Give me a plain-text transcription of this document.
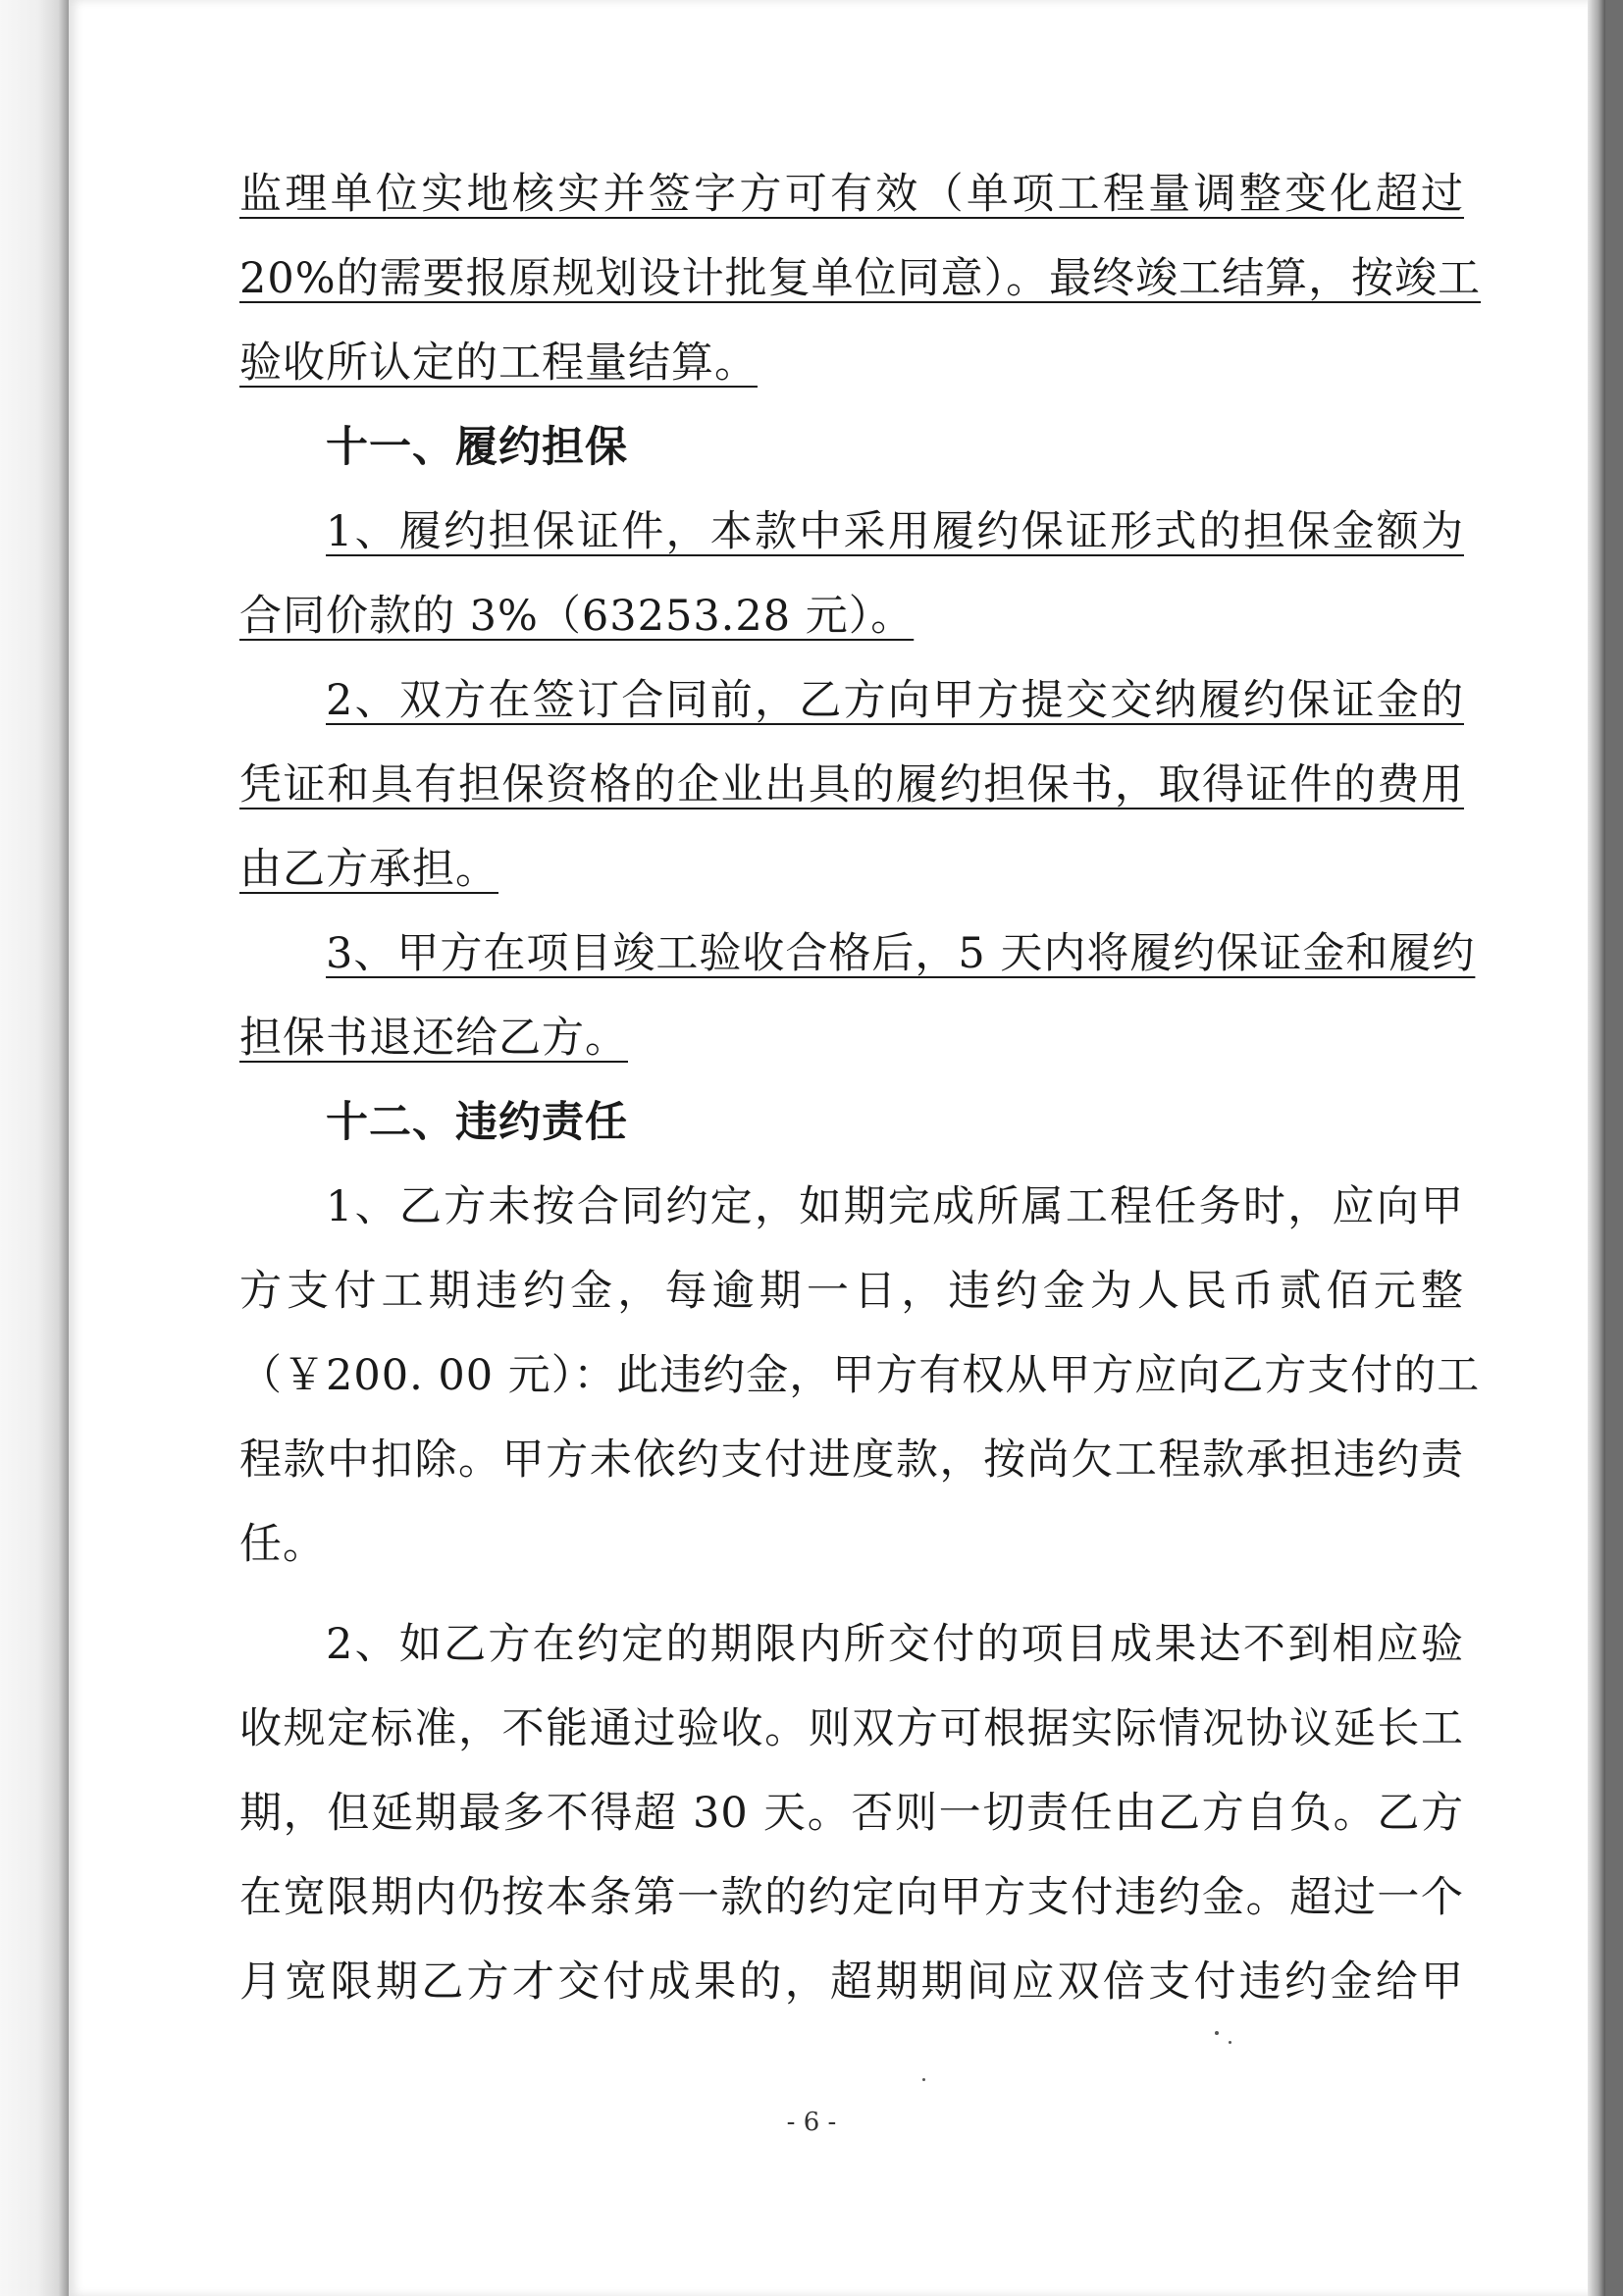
监理单位实地核实并签字方可有效（单项工程量调整变化超过
20%的需要报原规划设计批复单位同意）。最终竣工结算，按竣工
验收所认定的工程量结算。
十一、履约担保
1、履约担保证件，本款中采用履约保证形式的担保金额为
合同价款的 3%（63253.28 元）。
2、双方在签订合同前，乙方向甲方提交交纳履约保证金的
凭证和具有担保资格的企业出具的履约担保书，取得证件的费用
由乙方承担。
3、甲方在项目竣工验收合格后，5 天内将履约保证金和履约
担保书退还给乙方。
十二、违约责任
1、乙方未按合同约定，如期完成所属工程任务时，应向甲
方支付工期违约金，每逾期一日，违约金为人民币贰佰元整
（￥200. 00 元）：此违约金，甲方有权从甲方应向乙方支付的工
程款中扣除。甲方未依约支付进度款，按尚欠工程款承担违约责
任。
2、如乙方在约定的期限内所交付的项目成果达不到相应验
收规定标准，不能通过验收。则双方可根据实际情况协议延长工
期，但延期最多不得超 30 天。否则一切责任由乙方自负。乙方
在宽限期内仍按本条第一款的约定向甲方支付违约金。超过一个
月宽限期乙方才交付成果的，超期期间应双倍支付违约金给甲
- 6 -
